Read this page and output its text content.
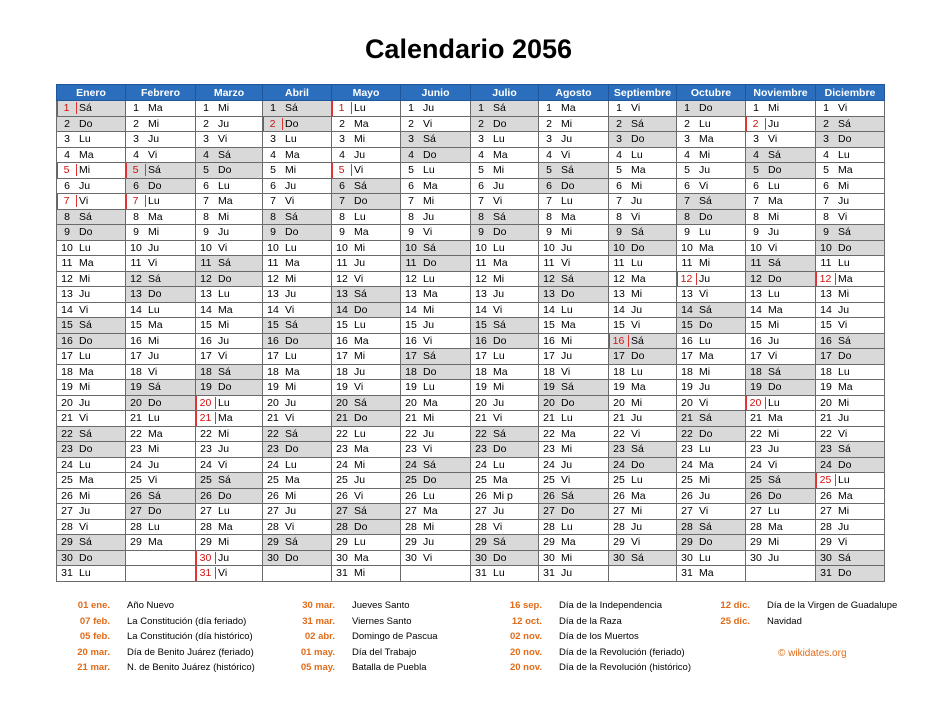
Calendario 2056
Enero	Febrero	Marzo	Abril	Mayo	Junio	Julio	Agosto	Septiembre	Octubre	Noviembre	Diciembre
1 Sá	1 Ma	1 Mi	1 Sá	1 Lu	1 Ju	1 Sá	1 Ma	1 Vi	1 Do	1 Mi	1 Vi
2 Do	2 Mi	2 Ju	2 Do	2 Ma	2 Vi	2 Do	2 Mi	2 Sá	2 Lu	2 Ju	2 Sá
3 Lu	3 Ju	3 Vi	3 Lu	3 Mi	3 Sá	3 Lu	3 Ju	3 Do	3 Ma	3 Vi	3 Do
4 Ma	4 Vi	4 Sá	4 Ma	4 Ju	4 Do	4 Ma	4 Vi	4 Lu	4 Mi	4 Sá	4 Lu
5 Mi	5 Sá	5 Do	5 Mi	5 Vi	5 Lu	5 Mi	5 Sá	5 Ma	5 Ju	5 Do	5 Ma
6 Ju	6 Do	6 Lu	6 Ju	6 Sá	6 Ma	6 Ju	6 Do	6 Mi	6 Vi	6 Lu	6 Mi
7 Vi	7 Lu	7 Ma	7 Vi	7 Do	7 Mi	7 Vi	7 Lu	7 Ju	7 Sá	7 Ma	7 Ju
8 Sá	8 Ma	8 Mi	8 Sá	8 Lu	8 Ju	8 Sá	8 Ma	8 Vi	8 Do	8 Mi	8 Vi
9 Do	9 Mi	9 Ju	9 Do	9 Ma	9 Vi	9 Do	9 Mi	9 Sá	9 Lu	9 Ju	9 Sá
10 Lu	10 Ju	10 Vi	10 Lu	10 Mi	10 Sá	10 Lu	10 Ju	10 Do	10 Ma	10 Vi	10 Do
11 Ma	11 Vi	11 Sá	11 Ma	11 Ju	11 Do	11 Ma	11 Vi	11 Lu	11 Mi	11 Sá	11 Lu
12 Mi	12 Sá	12 Do	12 Mi	12 Vi	12 Lu	12 Mi	12 Sá	12 Ma	12 Ju	12 Do	12 Ma
13 Ju	13 Do	13 Lu	13 Ju	13 Sá	13 Ma	13 Ju	13 Do	13 Mi	13 Vi	13 Lu	13 Mi
14 Vi	14 Lu	14 Ma	14 Vi	14 Do	14 Mi	14 Vi	14 Lu	14 Ju	14 Sá	14 Ma	14 Ju
15 Sá	15 Ma	15 Mi	15 Sá	15 Lu	15 Ju	15 Sá	15 Ma	15 Vi	15 Do	15 Mi	15 Vi
16 Do	16 Mi	16 Ju	16 Do	16 Ma	16 Vi	16 Do	16 Mi	16 Sá	16 Lu	16 Ju	16 Sá
17 Lu	17 Ju	17 Vi	17 Lu	17 Mi	17 Sá	17 Lu	17 Ju	17 Do	17 Ma	17 Vi	17 Do
18 Ma	18 Vi	18 Sá	18 Ma	18 Ju	18 Do	18 Ma	18 Vi	18 Lu	18 Mi	18 Sá	18 Lu
19 Mi	19 Sá	19 Do	19 Mi	19 Vi	19 Lu	19 Mi	19 Sá	19 Ma	19 Ju	19 Do	19 Ma
20 Ju	20 Do	20 Lu	20 Ju	20 Sá	20 Ma	20 Ju	20 Do	20 Mi	20 Vi	20 Lu	20 Mi
21 Vi	21 Lu	21 Ma	21 Vi	21 Do	21 Mi	21 Vi	21 Lu	21 Ju	21 Sá	21 Ma	21 Ju
22 Sá	22 Ma	22 Mi	22 Sá	22 Lu	22 Ju	22 Sá	22 Ma	22 Vi	22 Do	22 Mi	22 Vi
23 Do	23 Mi	23 Ju	23 Do	23 Ma	23 Vi	23 Do	23 Mi	23 Sá	23 Lu	23 Ju	23 Sá
24 Lu	24 Ju	24 Vi	24 Lu	24 Mi	24 Sá	24 Lu	24 Ju	24 Do	24 Ma	24 Vi	24 Do
25 Ma	25 Vi	25 Sá	25 Ma	25 Ju	25 Do	25 Ma	25 Vi	25 Lu	25 Mi	25 Sá	25 Lu
26 Mi	26 Sá	26 Do	26 Mi	26 Vi	26 Lu	26 Mi p	26 Sá	26 Ma	26 Ju	26 Do	26 Ma
27 Ju	27 Do	27 Lu	27 Ju	27 Sá	27 Ma	27 Ju	27 Do	27 Mi	27 Vi	27 Lu	27 Mi
28 Vi	28 Lu	28 Ma	28 Vi	28 Do	28 Mi	28 Vi	28 Lu	28 Ju	28 Sá	28 Ma	28 Ju
29 Sá	29 Ma	29 Mi	29 Sá	29 Lu	29 Ju	29 Sá	29 Ma	29 Vi	29 Do	29 Mi	29 Vi
30 Do		30 Ju	30 Do	30 Ma	30 Vi	30 Do	30 Mi	30 Sá	30 Lu	30 Ju	30 Sá
31 Lu		31 Vi		31 Mi		31 Lu	31 Ju		31 Ma		31 Do
01 ene. Año Nuevo
07 feb. La Constitución (día feriado)
05 feb. La Constitución (día histórico)
20 mar. Día de Benito Juárez (feriado)
21 mar. N. de Benito Juárez (histórico)
30 mar. Jueves Santo
31 mar. Viernes Santo
02 abr. Domingo de Pascua
01 may. Día del Trabajo
05 may. Batalla de Puebla
16 sep. Día de la Independencia
12 oct. Día de la Raza
02 nov. Día de los Muertos
20 nov. Día de la Revolución (feriado)
20 nov. Día de la Revolución (histórico)
12 dic. Día de la Virgen de Guadalupe
25 dic. Navidad
© wikidates.org
